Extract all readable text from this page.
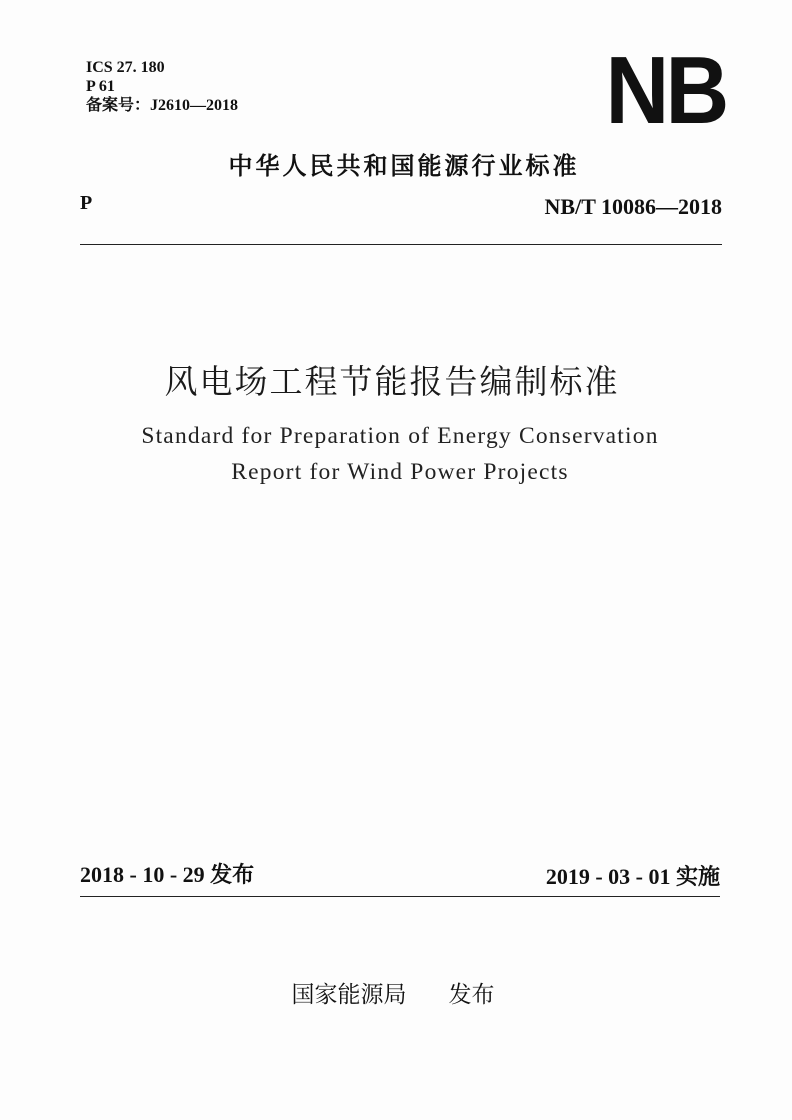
ICS 27. 180
P 61
备案号：J2610—2018	NB
中华人民共和国能源行业标准
P	NB/T 10086—2018
风电场工程节能报告编制标准
Standard for Preparation of Energy Conservation
Report for Wind Power Projects
2018 - 10 - 29 发布	2019 - 03 - 01 实施
国家能源局 发布
